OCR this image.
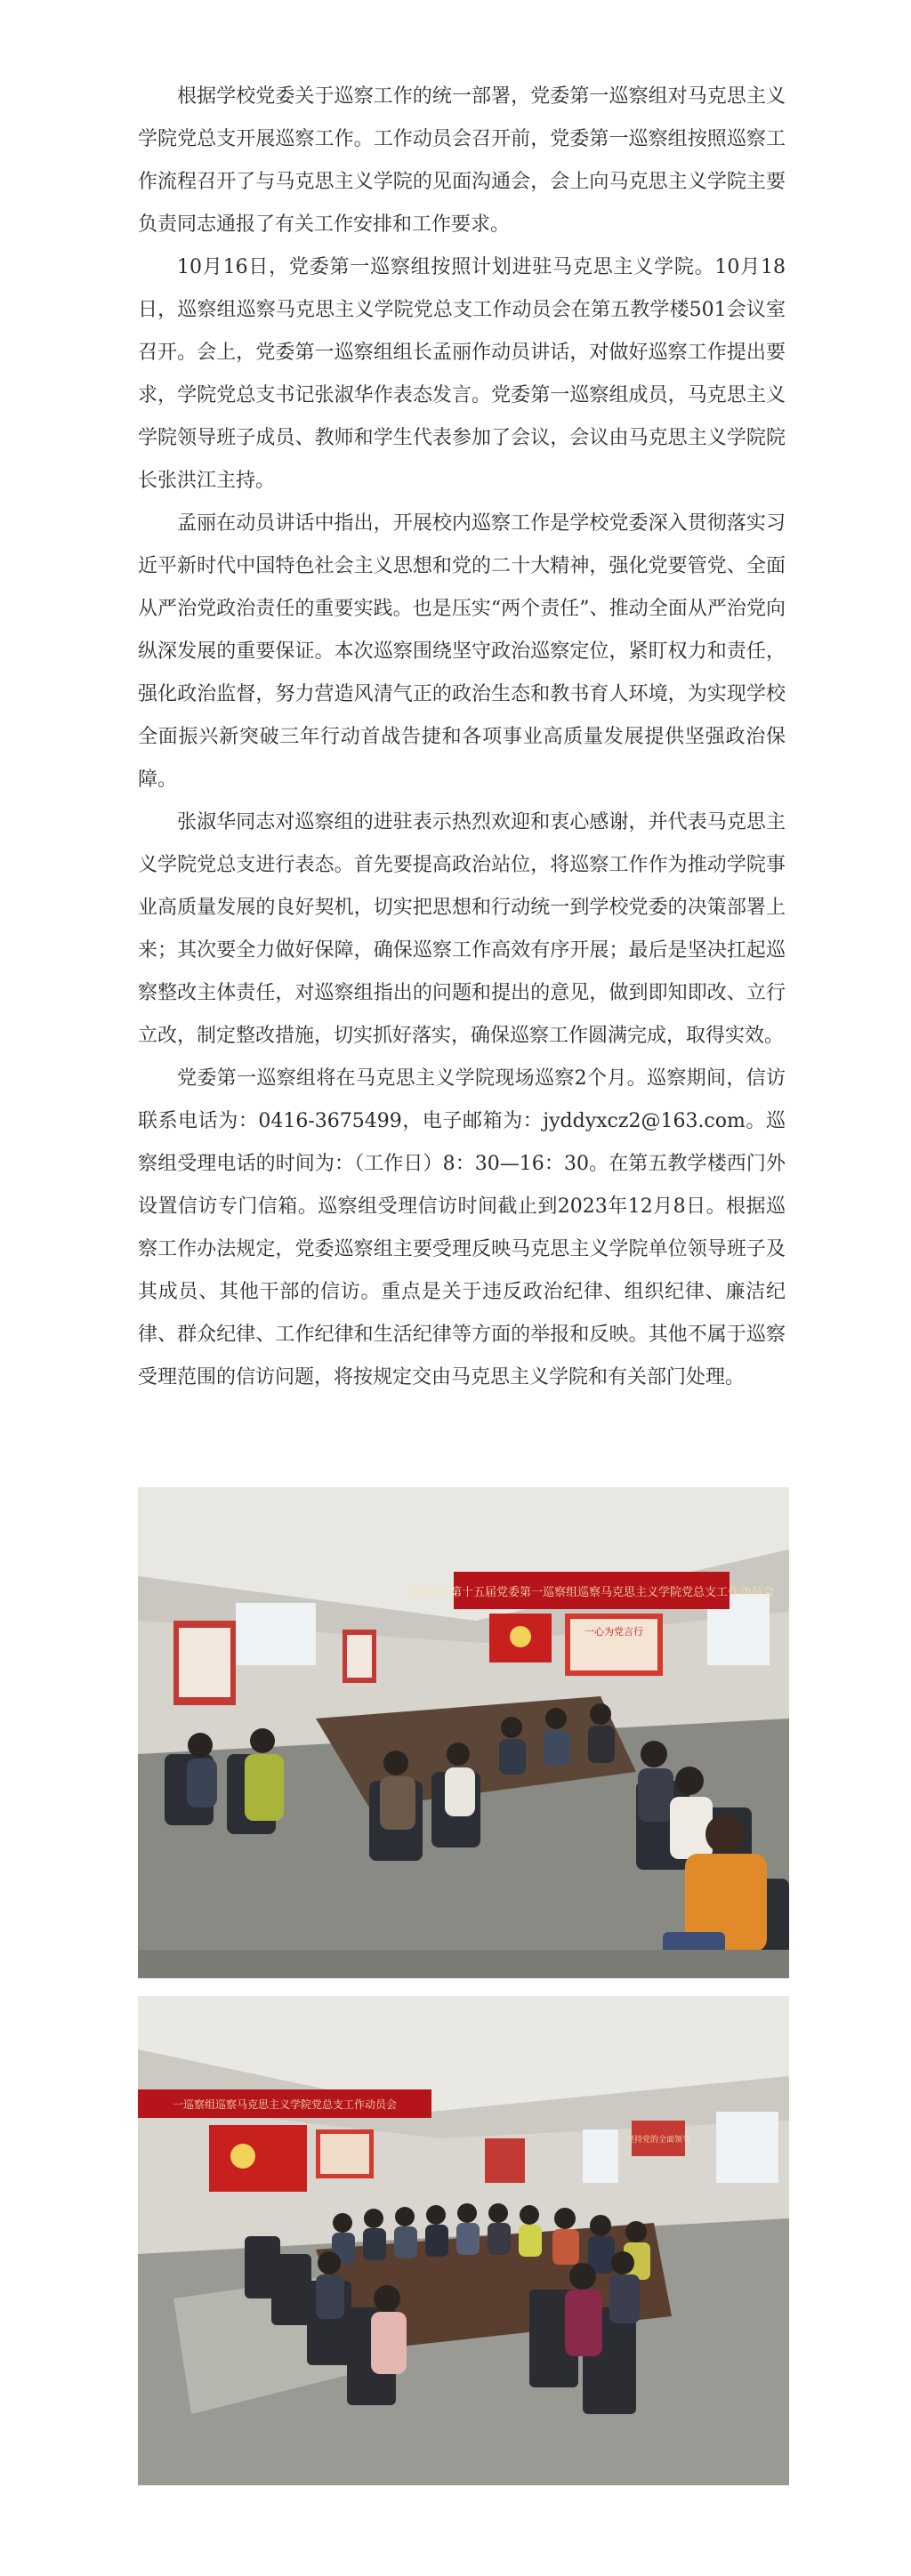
根据学校党委关于巡察工作的统一部署，党委第一巡察组对马克思主义学院党总支开展巡察工作。工作动员会召开前，党委第一巡察组按照巡察工作流程召开了与马克思主义学院的见面沟通会，会上向马克思主义学院主要负责同志通报了有关工作安排和工作要求。

10月16日，党委第一巡察组按照计划进驻马克思主义学院。10月18日，巡察组巡察马克思主义学院党总支工作动员会在第五教学楼501会议室召开。会上，党委第一巡察组组长孟丽作动员讲话，对做好巡察工作提出要求，学院党总支书记张淑华作表态发言。党委第一巡察组成员，马克思主义学院领导班子成员、教师和学生代表参加了会议，会议由马克思主义学院院长张洪江主持。

孟丽在动员讲话中指出，开展校内巡察工作是学校党委深入贯彻落实习近平新时代中国特色社会主义思想和党的二十大精神，强化党要管党、全面从严治党政治责任的重要实践。也是压实“两个责任”、推动全面从严治党向纵深发展的重要保证。本次巡察围绕坚守政治巡察定位，紧盯权力和责任，强化政治监督，努力营造风清气正的政治生态和教书育人环境，为实现学校全面振兴新突破三年行动首战告捷和各项事业高质量发展提供坚强政治保障。

张淑华同志对巡察组的进驻表示热烈欢迎和衷心感谢，并代表马克思主义学院党总支进行表态。首先要提高政治站位，将巡察工作作为推动学院事业高质量发展的良好契机，切实把思想和行动统一到学校党委的决策部署上来；其次要全力做好保障，确保巡察工作高效有序开展；最后是坚决扛起巡察整改主体责任，对巡察组指出的问题和提出的意见，做到即知即改、立行立改，制定整改措施，切实抓好落实，确保巡察工作圆满完成，取得实效。

党委第一巡察组将在马克思主义学院现场巡察2个月。巡察期间，信访联系电话为：0416-3675499，电子邮箱为：jyddyxcz2@163.com。巡察组受理电话的时间为：（工作日）8：30—16：30。在第五教学楼西门外设置信访专门信箱。巡察组受理信访时间截止到2023年12月8日。根据巡察工作办法规定，党委巡察组主要受理反映马克思主义学院单位领导班子及其成员、其他干部的信访。重点是关于违反政治纪律、组织纪律、廉洁纪律、群众纪律、工作纪律和生活纪律等方面的举报和反映。其他不属于巡察受理范围的信访问题，将按规定交由马克思主义学院和有关部门处理。

2023年第十五届党委第一巡察组巡察马克思主义学院党总支工作动员会
一心为党言行
一巡察组巡察马克思主义学院党总支工作动员会
坚持党的全面领导
